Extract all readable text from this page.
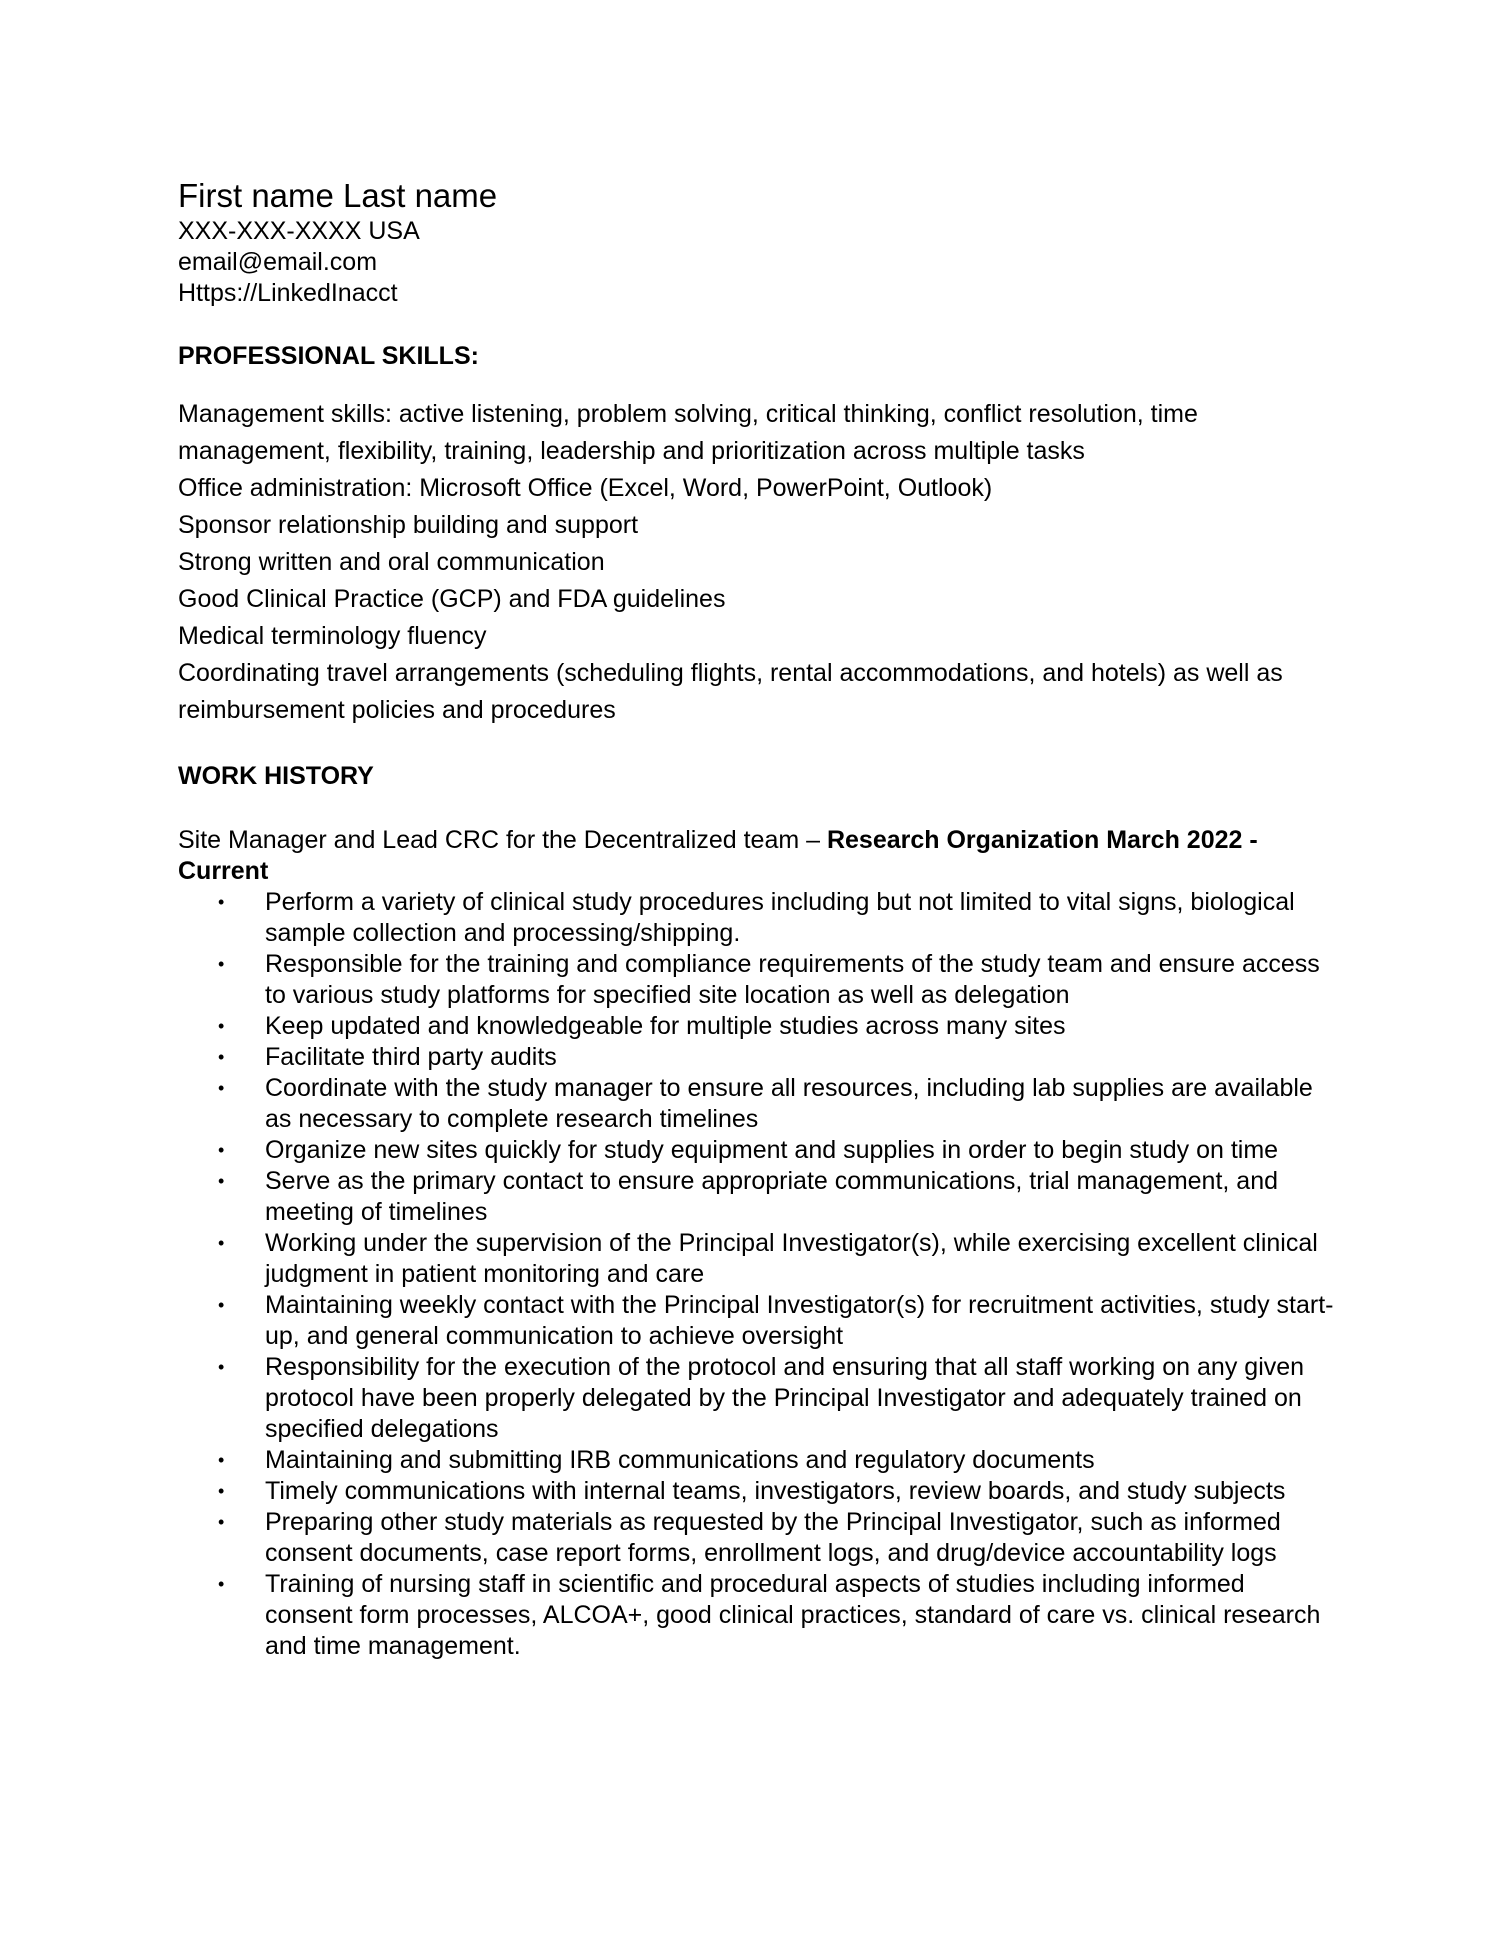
First name Last name

XXX-XXX-XXXX USA

email@email.com

Https://LinkedInacct

PROFESSIONAL SKILLS:

Management skills: active listening, problem solving, critical thinking, conflict resolution, time management, flexibility, training, leadership and prioritization across multiple tasks

Office administration: Microsoft Office (Excel, Word, PowerPoint, Outlook)

Sponsor relationship building and support

Strong written and oral communication

Good Clinical Practice (GCP) and FDA guidelines

Medical terminology fluency

Coordinating travel arrangements (scheduling flights, rental accommodations, and hotels) as well as reimbursement policies and procedures

WORK HISTORY

Site Manager and Lead CRC for the Decentralized team – Research Organization March 2022 - Current
• Perform a variety of clinical study procedures including but not limited to vital signs, biological sample collection and processing/shipping.
• Responsible for the training and compliance requirements of the study team and ensure access to various study platforms for specified site location as well as delegation
• Keep updated and knowledgeable for multiple studies across many sites
• Facilitate third party audits
• Coordinate with the study manager to ensure all resources, including lab supplies are available as necessary to complete research timelines
• Organize new sites quickly for study equipment and supplies in order to begin study on time
• Serve as the primary contact to ensure appropriate communications, trial management, and meeting of timelines
• Working under the supervision of the Principal Investigator(s), while exercising excellent clinical judgment in patient monitoring and care
• Maintaining weekly contact with the Principal Investigator(s) for recruitment activities, study start-up, and general communication to achieve oversight
• Responsibility for the execution of the protocol and ensuring that all staff working on any given protocol have been properly delegated by the Principal Investigator and adequately trained on specified delegations
• Maintaining and submitting IRB communications and regulatory documents
• Timely communications with internal teams, investigators, review boards, and study subjects
• Preparing other study materials as requested by the Principal Investigator, such as informed consent documents, case report forms, enrollment logs, and drug/device accountability logs
• Training of nursing staff in scientific and procedural aspects of studies including informed consent form processes, ALCOA+, good clinical practices, standard of care vs. clinical research and time management.
